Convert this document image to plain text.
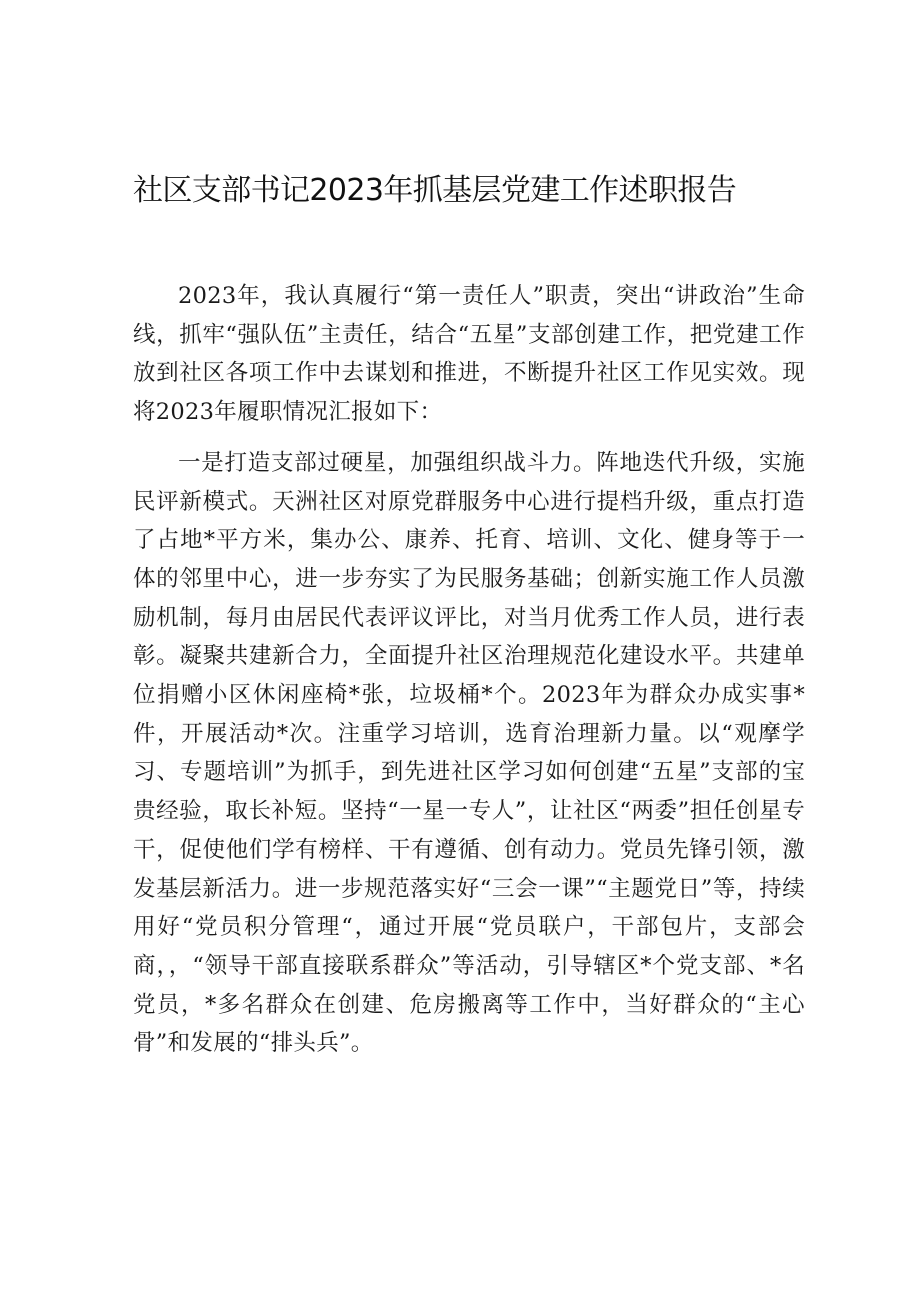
社区支部书记2023年抓基层党建工作述职报告

2023年，我认真履行“第一责任人”职责，突出“讲政治”生命线，抓牢“强队伍”主责任，结合“五星”支部创建工作，把党建工作放到社区各项工作中去谋划和推进，不断提升社区工作见实效。现将2023年履职情况汇报如下：

一是打造支部过硬星，加强组织战斗力。阵地迭代升级，实施民评新模式。天洲社区对原党群服务中心进行提档升级，重点打造了占地*平方米，集办公、康养、托育、培训、文化、健身等于一体的邻里中心，进一步夯实了为民服务基础；创新实施工作人员激励机制，每月由居民代表评议评比，对当月优秀工作人员，进行表彰。凝聚共建新合力，全面提升社区治理规范化建设水平。共建单位捐赠小区休闲座椅*张，垃圾桶*个。2023年为群众办成实事*件，开展活动*次。注重学习培训，选育治理新力量。以“观摩学习、专题培训”为抓手，到先进社区学习如何创建“五星”支部的宝贵经验，取长补短。坚持“一星一专人”，让社区“两委”担任创星专干，促使他们学有榜样、干有遵循、创有动力。党员先锋引领，激发基层新活力。进一步规范落实好“三会一课”“主题党日”等，持续用好“党员积分管理“，通过开展“党员联户，干部包片，支部会商，，“领导干部直接联系群众”等活动，引导辖区*个党支部、*名党员，*多名群众在创建、危房搬离等工作中，当好群众的“主心骨”和发展的“排头兵”。
